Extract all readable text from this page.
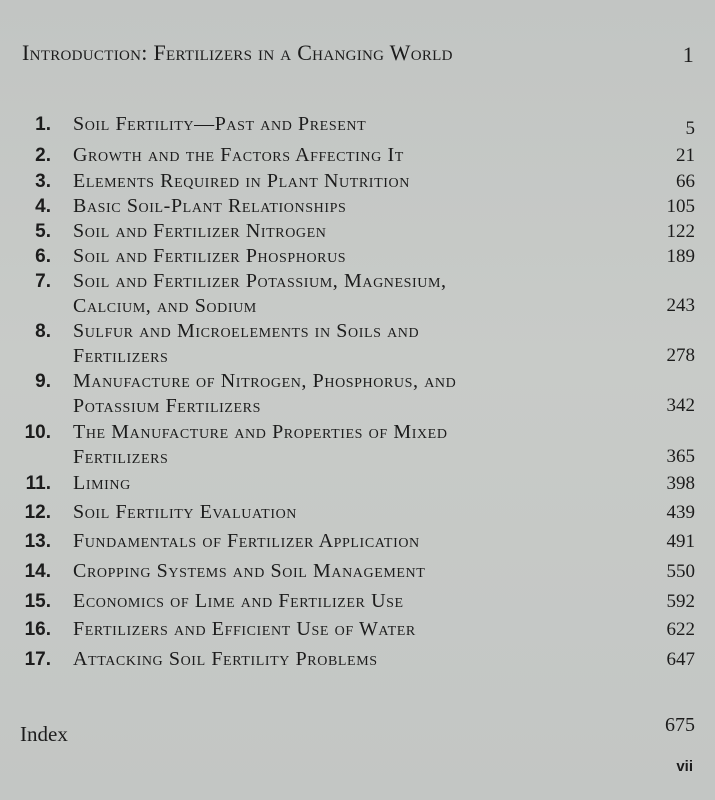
Introduction: Fertilizers in a Changing World	1
1. Soil Fertility—Past and Present	5
2. Growth and the Factors Affecting It	21
3. Elements Required in Plant Nutrition	66
4. Basic Soil-Plant Relationships	105
5. Soil and Fertilizer Nitrogen	122
6. Soil and Fertilizer Phosphorus	189
7. Soil and Fertilizer Potassium, Magnesium,
Calcium, and Sodium	243
8. Sulfur and Microelements in Soils and
Fertilizers	278
9. Manufacture of Nitrogen, Phosphorus, and
Potassium Fertilizers	342
10. The Manufacture and Properties of Mixed
Fertilizers	365
11. Liming	398
12. Soil Fertility Evaluation	439
13. Fundamentals of Fertilizer Application	491
14. Cropping Systems and Soil Management	550
15. Economics of Lime and Fertilizer Use	592
16. Fertilizers and Efficient Use of Water	622
17. Attacking Soil Fertility Problems	647
Index	675
vii
